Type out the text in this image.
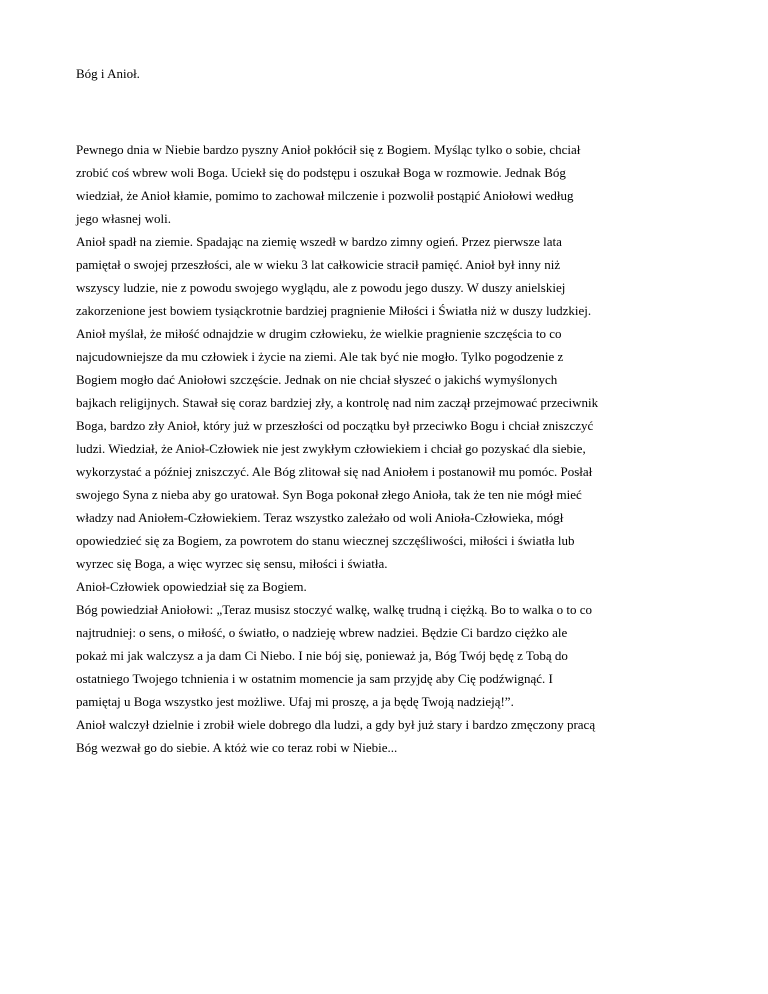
Bóg i Anioł.

Pewnego dnia w Niebie bardzo pyszny Anioł pokłócił się z Bogiem. Myśląc tylko o sobie, chciał
zrobić coś wbrew woli Boga. Uciekł się do podstępu i oszukał Boga w rozmowie. Jednak Bóg
wiedział, że Anioł kłamie, pomimo to zachował milczenie i pozwolił postąpić Aniołowi według
jego własnej woli.
Anioł spadł na ziemie. Spadając na ziemię wszedł w bardzo zimny ogień. Przez pierwsze lata
pamiętał o swojej przeszłości, ale w wieku 3 lat całkowicie stracił pamięć. Anioł był inny niż
wszyscy ludzie, nie z powodu swojego wyglądu, ale z powodu jego duszy. W duszy anielskiej
zakorzenione jest bowiem tysiąckrotnie bardziej pragnienie Miłości i Światła niż w duszy ludzkiej.
Anioł myślał, że miłość odnajdzie w drugim człowieku, że wielkie pragnienie szczęścia to co
najcudowniejsze da mu człowiek i życie na ziemi. Ale tak być nie mogło. Tylko pogodzenie z
Bogiem mogło dać Aniołowi szczęście. Jednak on nie chciał słyszeć o jakichś wymyślonych
bajkach religijnych. Stawał się coraz bardziej zły, a kontrolę nad nim zaczął przejmować przeciwnik
Boga, bardzo zły Anioł, który już w przeszłości od początku był przeciwko Bogu i chciał zniszczyć
ludzi. Wiedział, że Anioł-Człowiek nie jest zwykłym człowiekiem i chciał go pozyskać dla siebie,
wykorzystać a później zniszczyć. Ale Bóg zlitował się nad Aniołem i postanowił mu pomóc. Posłał
swojego Syna z nieba aby go uratował. Syn Boga pokonał złego Anioła, tak że ten nie mógł mieć
władzy nad Aniołem-Człowiekiem. Teraz wszystko zależało od woli Anioła-Człowieka, mógł
opowiedzieć się za Bogiem, za powrotem do stanu wiecznej szczęśliwości, miłości i światła lub
wyrzec się Boga, a więc wyrzec się sensu, miłości i światła.
Anioł-Człowiek opowiedział się za Bogiem.
Bóg powiedział Aniołowi: „Teraz musisz stoczyć walkę, walkę trudną i ciężką. Bo to walka o to co
najtrudniej: o sens, o miłość, o światło, o nadzieję wbrew nadziei. Będzie Ci bardzo ciężko ale
pokaż mi jak walczysz a ja dam Ci Niebo. I nie bój się, ponieważ ja, Bóg Twój będę z Tobą do
ostatniego Twojego tchnienia i w ostatnim momencie ja sam przyjdę aby Cię podźwignąć. I
pamiętaj u Boga wszystko jest możliwe. Ufaj mi proszę, a ja będę Twoją nadzieją!”.
Anioł walczył dzielnie i zrobił wiele dobrego dla ludzi, a gdy był już stary i bardzo zmęczony pracą
Bóg wezwał go do siebie. A któż wie co teraz robi w Niebie...
